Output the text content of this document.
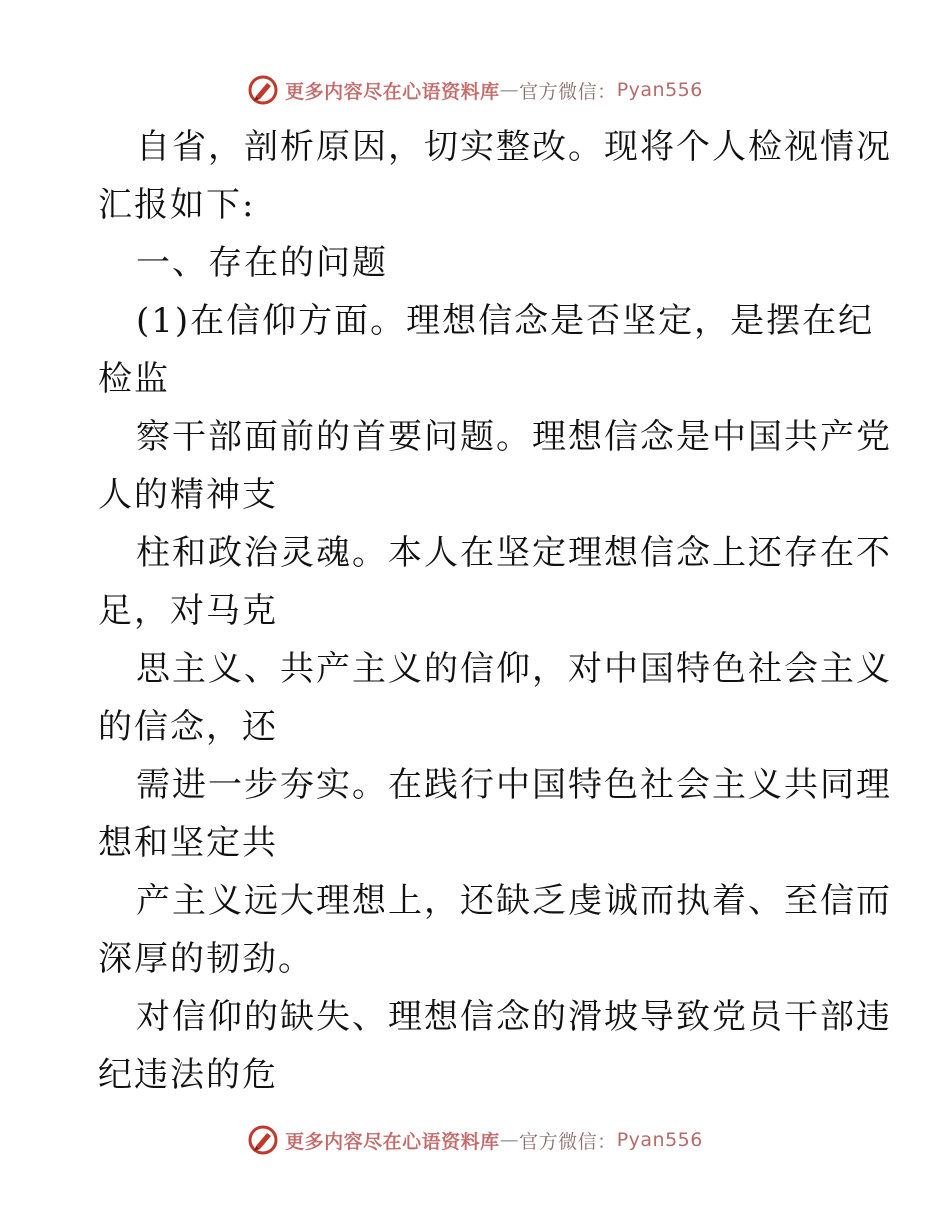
更多内容尽在心语资料库 — 官方微信： Pyan556
自省，剖析原因，切实整改。现将个人检视情况
汇报如下:
一、存在的问题
(1)在信仰方面。理想信念是否坚定，是摆在纪
检监
察干部面前的首要问题。理想信念是中国共产党
人的精神支
柱和政治灵魂。本人在坚定理想信念上还存在不
足，对马克
思主义、共产主义的信仰，对中国特色社会主义
的信念，还
需进一步夯实。在践行中国特色社会主义共同理
想和坚定共
产主义远大理想上，还缺乏虔诚而执着、至信而
深厚的韧劲。
对信仰的缺失、理想信念的滑坡导致党员干部违
纪违法的危
更多内容尽在心语资料库 — 官方微信： Pyan556
